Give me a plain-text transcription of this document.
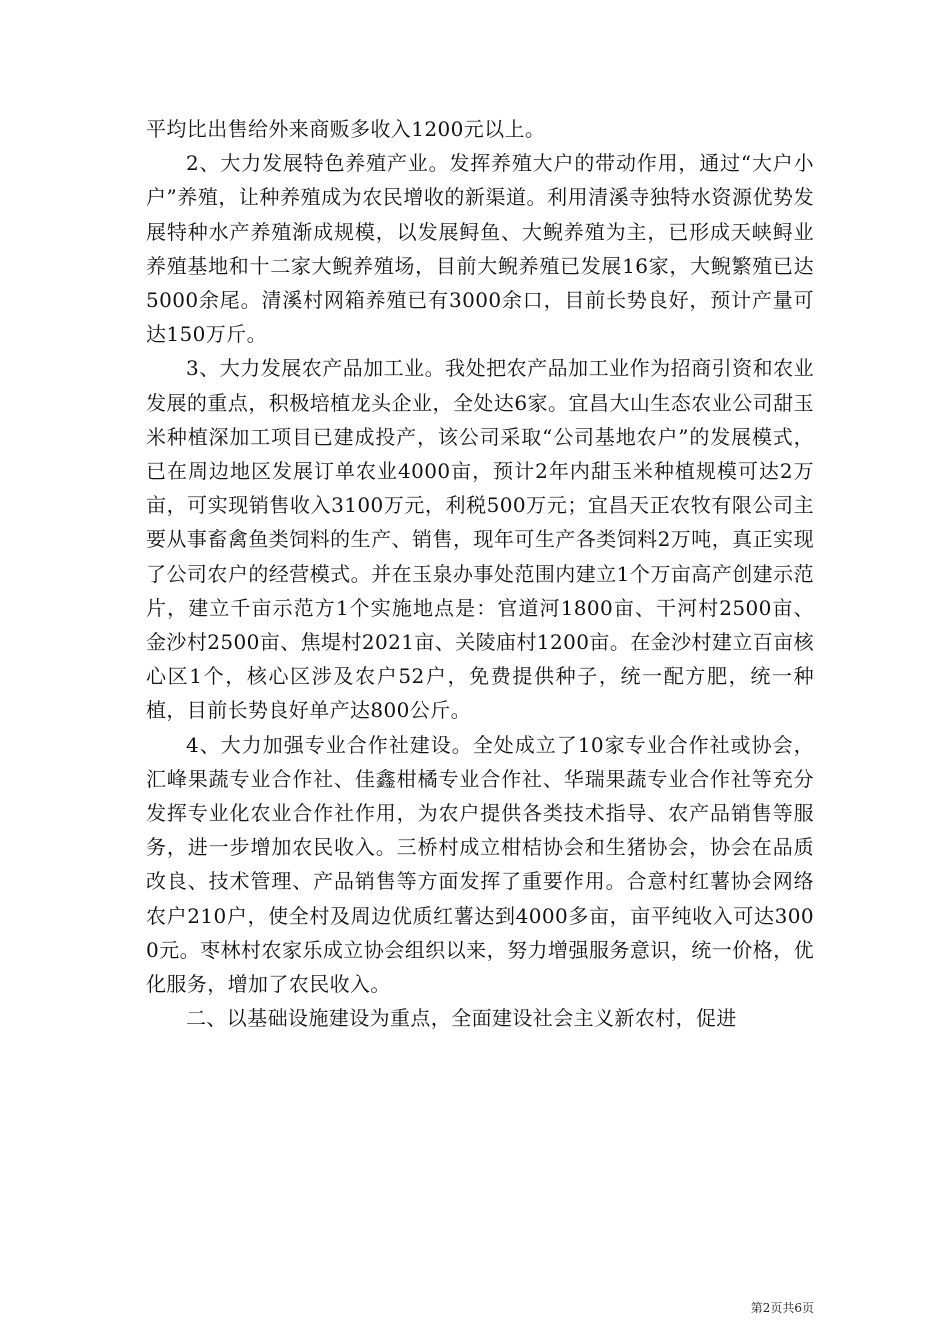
平均比出售给外来商贩多收入1200元以上。

2、大力发展特色养殖产业。发挥养殖大户的带动作用，通过“大户小户”养殖，让种养殖成为农民增收的新渠道。利用清溪寺独特水资源优势发展特种水产养殖渐成规模，以发展鲟鱼、大鲵养殖为主，已形成天峡鲟业养殖基地和十二家大鲵养殖场，目前大鲵养殖已发展16家，大鲵繁殖已达5000余尾。清溪村网箱养殖已有3000余口，目前长势良好，预计产量可达150万斤。

3、大力发展农产品加工业。我处把农产品加工业作为招商引资和农业发展的重点，积极培植龙头企业，全处达6家。宜昌大山生态农业公司甜玉米种植深加工项目已建成投产，该公司采取“公司基地农户”的发展模式，已在周边地区发展订单农业4000亩，预计2年内甜玉米种植规模可达2万亩，可实现销售收入3100万元，利税500万元；宜昌天正农牧有限公司主要从事畜禽鱼类饲料的生产、销售，现年可生产各类饲料2万吨，真正实现了公司农户的经营模式。并在玉泉办事处范围内建立1个万亩高产创建示范片，建立千亩示范方1个实施地点是：官道河1800亩、干河村2500亩、金沙村2500亩、焦堤村2021亩、关陵庙村1200亩。在金沙村建立百亩核心区1个，核心区涉及农户52户，免费提供种子，统一配方肥，统一种植，目前长势良好单产达800公斤。

4、大力加强专业合作社建设。全处成立了10家专业合作社或协会，汇峰果蔬专业合作社、佳鑫柑橘专业合作社、华瑞果蔬专业合作社等充分发挥专业化农业合作社作用，为农户提供各类技术指导、农产品销售等服务，进一步增加农民收入。三桥村成立柑桔协会和生猪协会，协会在品质改良、技术管理、产品销售等方面发挥了重要作用。合意村红薯协会网络农户210户，使全村及周边优质红薯达到4000多亩，亩平纯收入可达3000元。枣林村农家乐成立协会组织以来，努力增强服务意识，统一价格，优化服务，增加了农民收入。

二、以基础设施建设为重点，全面建设社会主义新农村，促进

第2页共6页
